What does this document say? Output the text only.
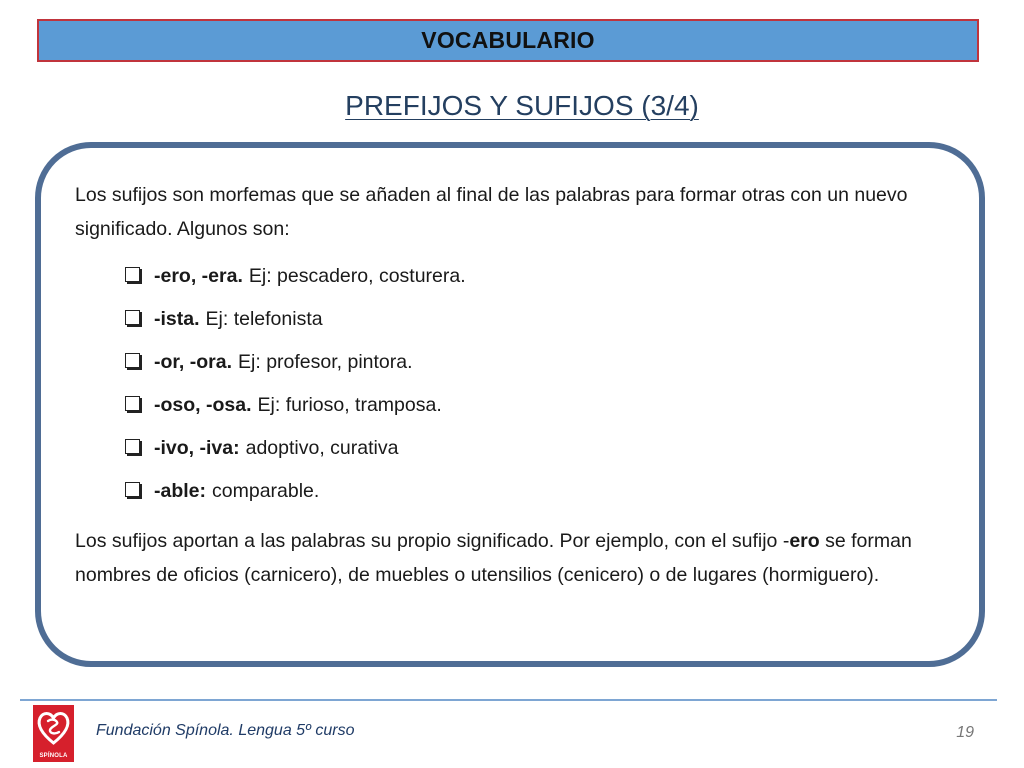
VOCABULARIO
PREFIJOS Y SUFIJOS (3/4)

Los sufijos son morfemas que se añaden al final de las palabras para formar otras con un nuevo significado. Algunos son:

-ero, -era. Ej: pescadero, costurera.
-ista. Ej: telefonista
-or, -ora. Ej: profesor, pintora.
-oso, -osa. Ej: furioso, tramposa.
-ivo, -iva: adoptivo, curativa
-able: comparable.

Los sufijos aportan a las palabras su propio significado. Por ejemplo, con el sufijo -ero se forman nombres de oficios (carnicero), de muebles o utensilios (cenicero) o de lugares (hormiguero).

SPÍNOLA
Fundación Spínola. Lengua 5º curso	19
